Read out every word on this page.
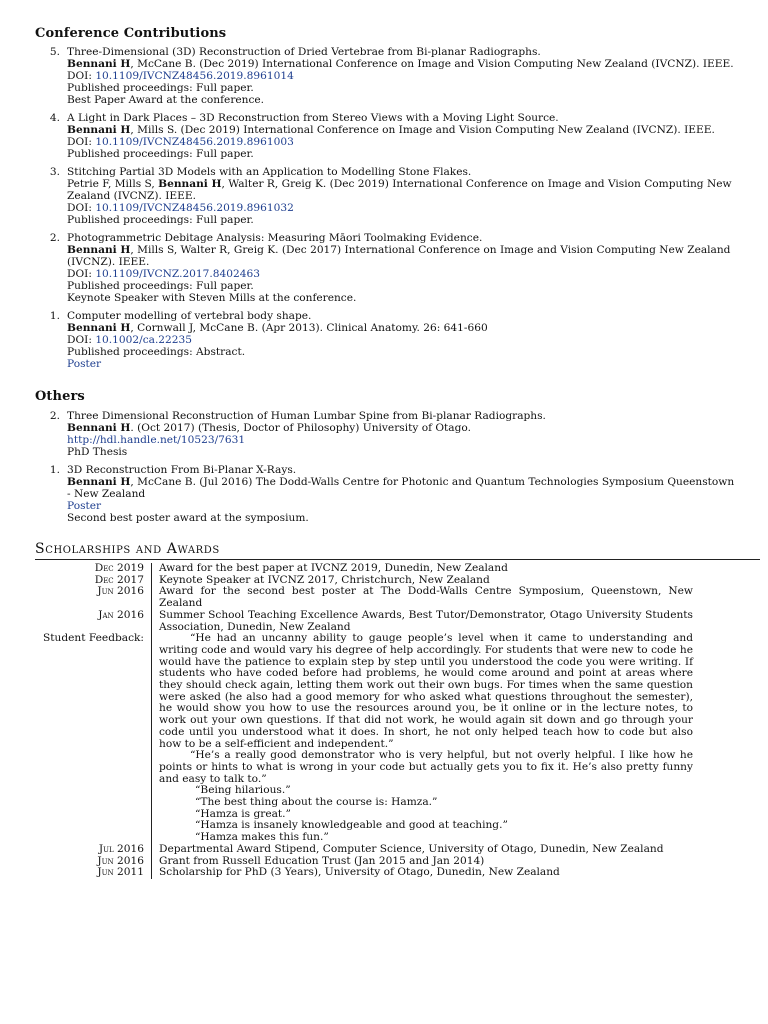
Conference Contributions
5. Three-Dimensional (3D) Reconstruction of Dried Vertebrae from Bi-planar Radiographs.
Bennani H, McCane B. (Dec 2019) International Conference on Image and Vision Computing New Zealand (IVCNZ). IEEE.
DOI: 10.1109/IVCNZ48456.2019.8961014
Published proceedings: Full paper.
Best Paper Award at the conference.
4. A Light in Dark Places – 3D Reconstruction from Stereo Views with a Moving Light Source.
Bennani H, Mills S. (Dec 2019) International Conference on Image and Vision Computing New Zealand (IVCNZ). IEEE.
DOI: 10.1109/IVCNZ48456.2019.8961003
Published proceedings: Full paper.
3. Stitching Partial 3D Models with an Application to Modelling Stone Flakes.
Petrie F, Mills S, Bennani H, Walter R, Greig K. (Dec 2019) International Conference on Image and Vision Computing New Zealand (IVCNZ). IEEE.
DOI: 10.1109/IVCNZ48456.2019.8961032
Published proceedings: Full paper.
2. Photogrammetric Debitage Analysis: Measuring Māori Toolmaking Evidence.
Bennani H, Mills S, Walter R, Greig K. (Dec 2017) International Conference on Image and Vision Computing New Zealand (IVCNZ). IEEE.
DOI: 10.1109/IVCNZ.2017.8402463
Published proceedings: Full paper.
Keynote Speaker with Steven Mills at the conference.
1. Computer modelling of vertebral body shape.
Bennani H, Cornwall J, McCane B. (Apr 2013). Clinical Anatomy. 26: 641-660
DOI: 10.1002/ca.22235
Published proceedings: Abstract.
Poster
Others
2. Three Dimensional Reconstruction of Human Lumbar Spine from Bi-planar Radiographs.
Bennani H. (Oct 2017) (Thesis, Doctor of Philosophy) University of Otago.
http://hdl.handle.net/10523/7631
PhD Thesis
1. 3D Reconstruction From Bi-Planar X-Rays.
Bennani H, McCane B. (Jul 2016) The Dodd-Walls Centre for Photonic and Quantum Technologies Symposium Queenstown - New Zealand
Poster
Second best poster award at the symposium.
Scholarships and Awards
Dec 2019	Award for the best paper at IVCNZ 2019, Dunedin, New Zealand
Dec 2017	Keynote Speaker at IVCNZ 2017, Christchurch, New Zealand
Jun 2016	Award for the second best poster at The Dodd-Walls Centre Symposium, Queenstown, New Zealand
Jan 2016	Summer School Teaching Excellence Awards, Best Tutor/Demonstrator, Otago University Students Association, Dunedin, New Zealand
Student Feedback:	“He had an uncanny ability to gauge people’s level when it came to understanding and writing code and would vary his degree of help accordingly. For students that were new to code he would have the patience to explain step by step until you understood the code you were writing. If students who have coded before had problems, he would come around and point at areas where they should check again, letting them work out their own bugs. For times when the same question were asked (he also had a good memory for who asked what questions throughout the semester), he would show you how to use the resources around you, be it online or in the lecture notes, to work out your own questions. If that did not work, he would again sit down and go through your code until you understood what it does. In short, he not only helped teach how to code but also how to be a self-efficient and independent.”

“He’s a really good demonstrator who is very helpful, but not overly helpful. I like how he points or hints to what is wrong in your code but actually gets you to fix it. He’s also pretty funny and easy to talk to.”

“Being hilarious.”

“The best thing about the course is: Hamza.”

“Hamza is great.”

“Hamza is insanely knowledgeable and good at teaching.”

“Hamza makes this fun.”

Jul 2016	Departmental Award Stipend, Computer Science, University of Otago, Dunedin, New Zealand
Jun 2016	Grant from Russell Education Trust (Jan 2015 and Jan 2014)
Jun 2011	Scholarship for PhD (3 Years), University of Otago, Dunedin, New Zealand
